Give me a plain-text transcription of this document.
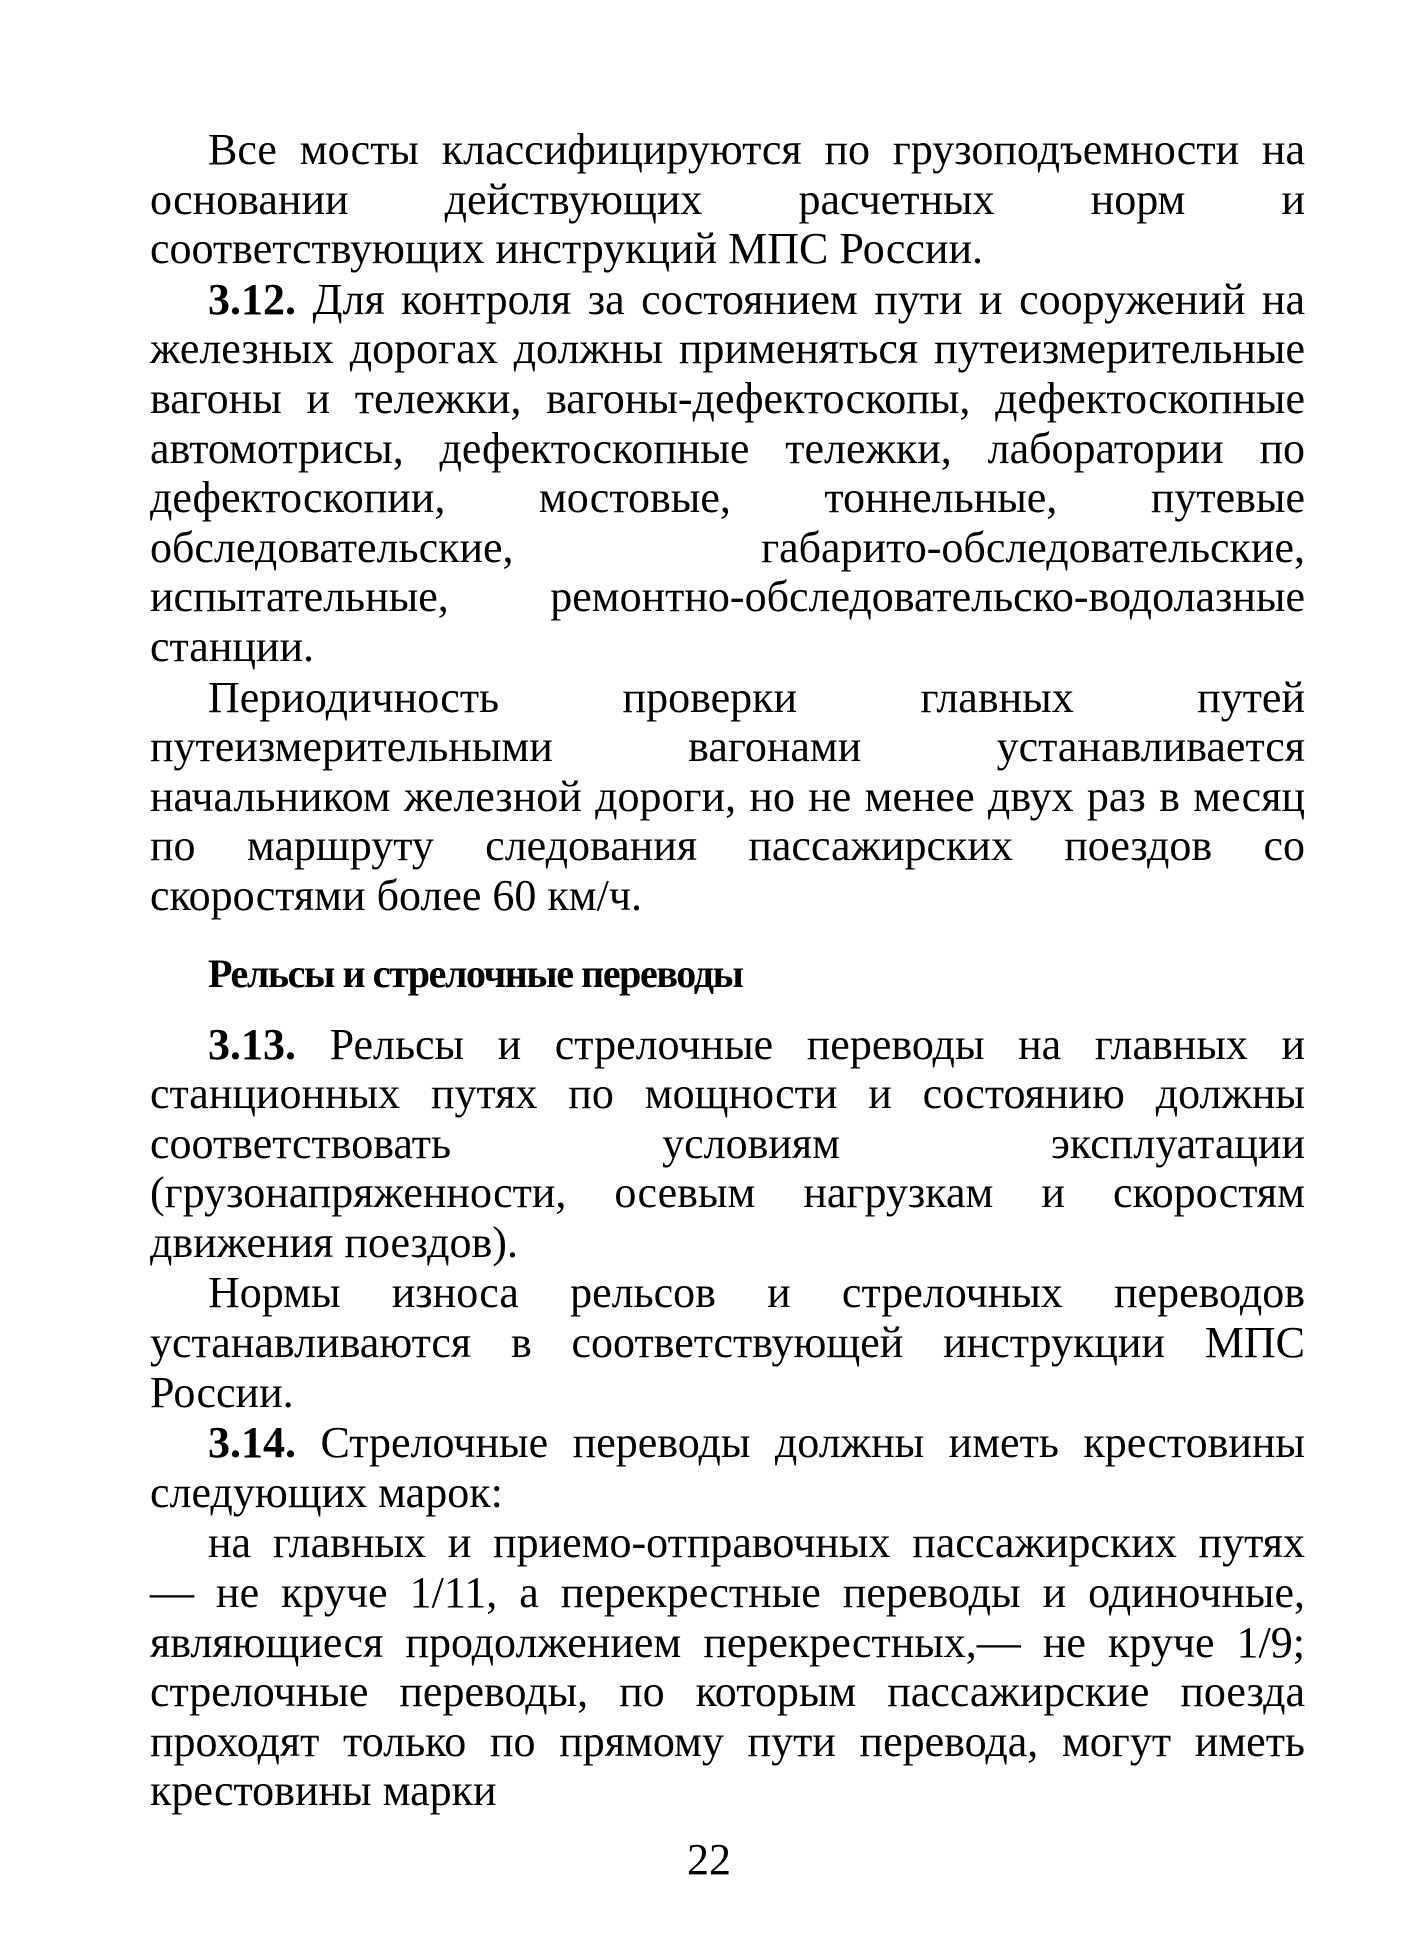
Все мосты классифицируются по грузоподъемности на основании действующих расчетных норм и соответствующих инструкций МПС России.

3.12. Для контроля за состоянием пути и сооружений на железных дорогах должны применяться путеизмерительные вагоны и тележки, вагоны-дефектоскопы, дефектоскопные автомотрисы, дефектоскопные тележки, лаборатории по дефектоскопии, мостовые, тоннельные, путевые обследовательские, габарито-обследовательские, испытательные, ремонтно-обследовательско-водолазные станции.

Периодичность проверки главных путей путеизмерительными вагонами устанавливается начальником железной дороги, но не менее двух раз в месяц по маршруту следования пассажирских поездов со скоростями более 60 км/ч.

Рельсы и стрелочные переводы

3.13. Рельсы и стрелочные переводы на главных и станционных путях по мощности и состоянию должны соответствовать условиям эксплуатации (грузонапряженности, осевым нагрузкам и скоростям движения поездов).

Нормы износа рельсов и стрелочных переводов устанавливаются в соответствующей инструкции МПС России.

3.14. Стрелочные переводы должны иметь крестовины следующих марок:

на главных и приемо-отправочных пассажирских путях — не круче 1/11, а перекрестные переводы и одиночные, являющиеся продолжением перекрестных,— не круче 1/9; стрелочные переводы, по которым пассажирские поезда проходят только по прямому пути перевода, могут иметь крестовины марки

22
